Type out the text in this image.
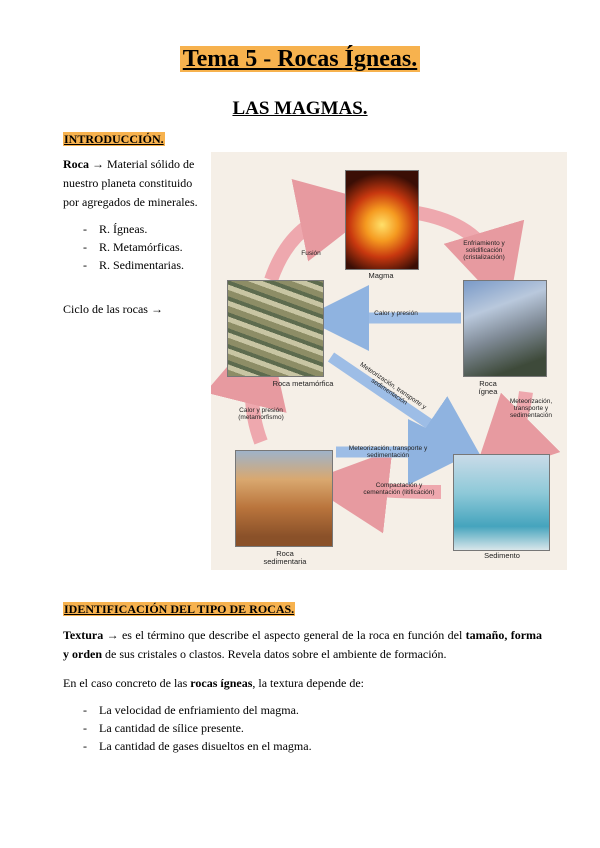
Tema 5 - Rocas Ígneas.
LAS MAGMAS.
INTRODUCCIÓN.
Roca → Material sólido de nuestro planeta constituido por agregados de minerales.
- R. Ígneas.
- R. Metamórficas.
- R. Sedimentarias.
Ciclo de las rocas →
Magma
Fusión
Enfriamiento y solidificación (cristalización)
Calor y presión
Roca metamórfica	Roca ígnea
Meteorización, transporte y sedimentación
Meteorización, transporte y sedimentación
Calor y presión (metamorfismo)
Meteorización, transporte y sedimentación
Compactación y cementación (litificación)
Roca sedimentaria
Sedimento
IDENTIFICACIÓN DEL TIPO DE ROCAS.
Textura → es el término que describe el aspecto general de la roca en función del tamaño, forma y orden de sus cristales o clastos. Revela datos sobre el ambiente de formación.
En el caso concreto de las rocas ígneas, la textura depende de:
- La velocidad de enfriamiento del magma.
- La cantidad de sílice presente.
- La cantidad de gases disueltos en el magma.
